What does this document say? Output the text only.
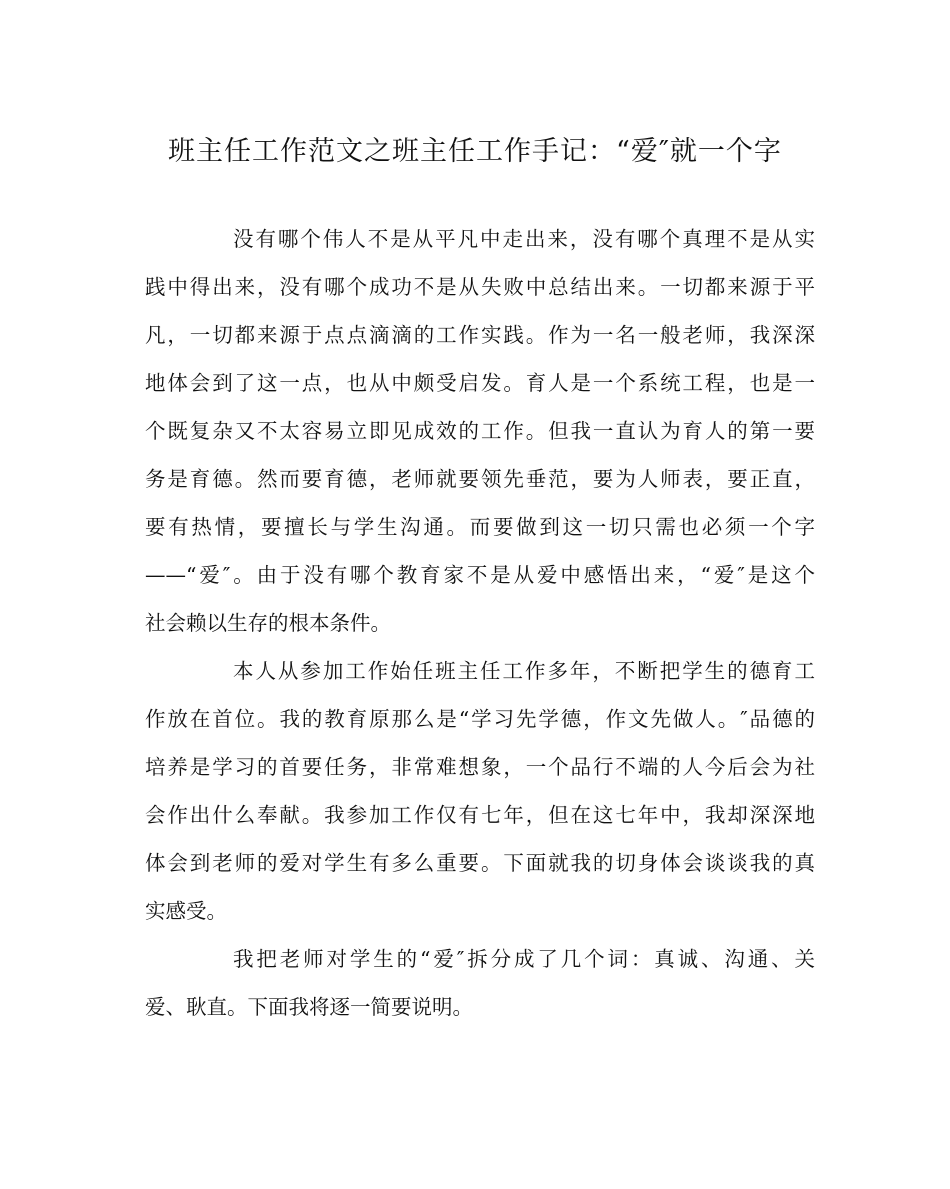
班主任工作范文之班主任工作手记：“爱″就一个字
没有哪个伟人不是从平凡中走出来，没有哪个真理不是从实
践中得出来，没有哪个成功不是从失败中总结出来。一切都来源于平
凡，一切都来源于点点滴滴的工作实践。作为一名一般老师，我深深
地体会到了这一点，也从中颇受启发。育人是一个系统工程，也是一
个既复杂又不太容易立即见成效的工作。但我一直认为育人的第一要
务是育德。然而要育德，老师就要领先垂范，要为人师表，要正直，
要有热情，要擅长与学生沟通。而要做到这一切只需也必须一个字
——“爱″。由于没有哪个教育家不是从爱中感悟出来，“爱″是这个
社会赖以生存的根本条件。
本人从参加工作始任班主任工作多年，不断把学生的德育工
作放在首位。我的教育原那么是“学习先学德，作文先做人。″品德的
培养是学习的首要任务，非常难想象，一个品行不端的人今后会为社
会作出什么奉献。我参加工作仅有七年，但在这七年中，我却深深地
体会到老师的爱对学生有多么重要。下面就我的切身体会谈谈我的真
实感受。
我把老师对学生的“爱″拆分成了几个词：真诚、沟通、关
爱、耿直。下面我将逐一简要说明。
